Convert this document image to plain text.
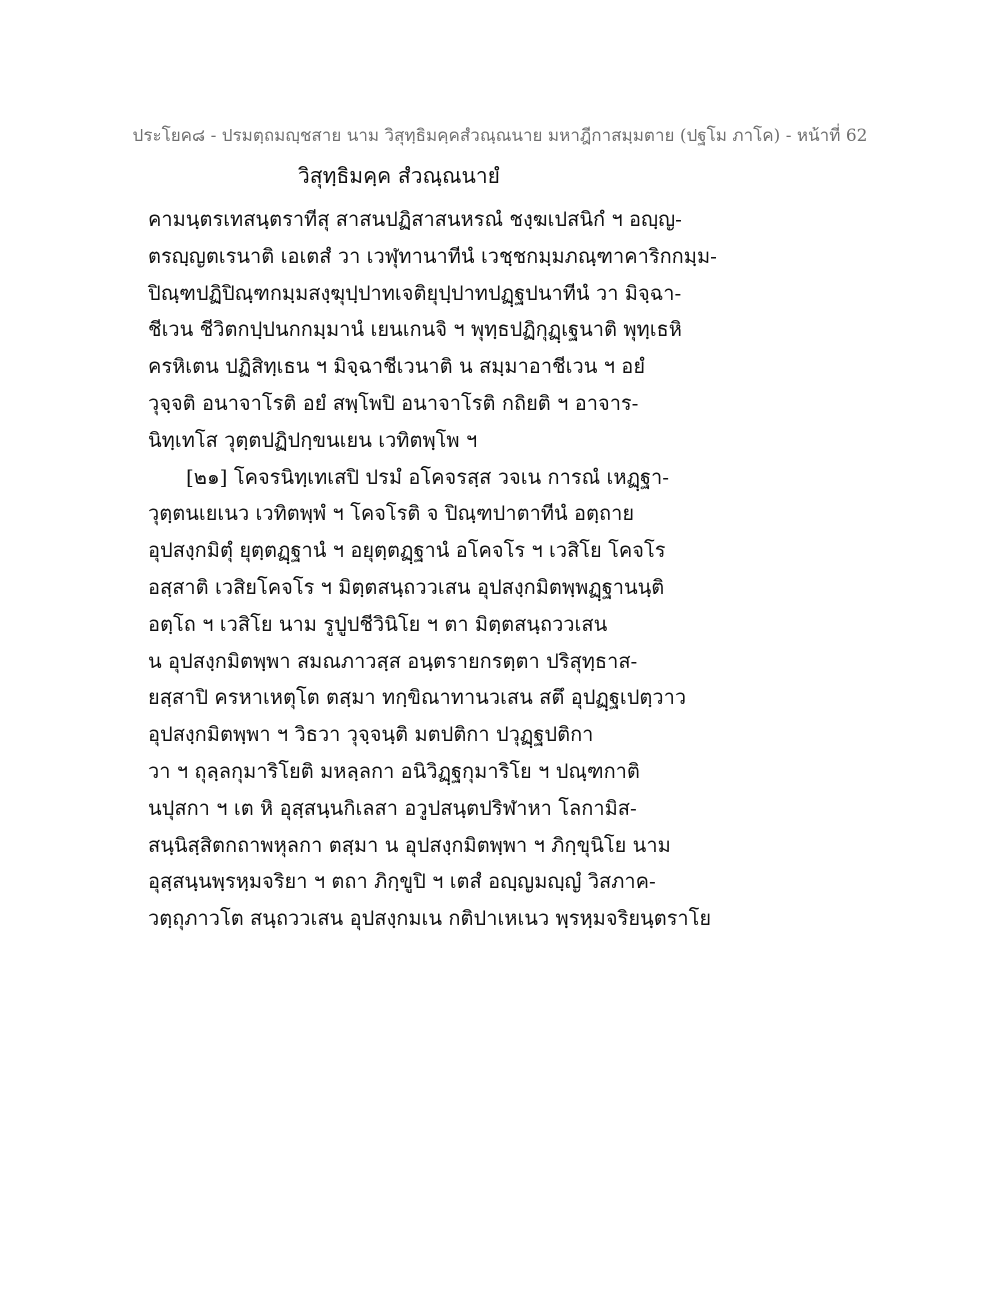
ประโยค๘ - ปรมตฺถมญฺชสาย นาม วิสุทฺธิมคฺคสํวณฺณนาย มหาฎีกาสมฺมตาย (ปฐโม ภาโค) - หน้าที่ 62
วิสุทฺธิมคฺค สํวณฺณนายํ
คามนฺตรเทสนฺตราทีสุ สาสนปฏิสาสนหรณํ ชงฺฆเปสนิกํ ฯ อญฺญ-
ตรญฺญตเรนาติ เอเตสํ วา เวฬุทานาทีนํ เวชฺชกมฺมภณฺฑาคาริกกมฺม-
ปิณฺฑปฏิปิณฺฑกมฺมสงฺฆุปฺปาทเจติยุปฺปาทปฏฺฐปนาทีนํ วา มิจฺฉา-
ชีเวน ชีวิตกปฺปนกกมฺมานํ เยนเกนจิ ฯ พุทฺธปฏิกุฏฺเฐนาติ พุทฺเธหิ
ครหิเตน ปฏิสิทฺเธน ฯ มิจฺฉาชีเวนาติ น สมฺมาอาชีเวน ฯ อยํ
วุจฺจติ อนาจาโรติ อยํ สพฺโพปิ อนาจาโรติ กถิยติ ฯ อาจาร-
นิทฺเทโส วุตฺตปฏิปกฺขนเยน เวทิตพฺโพ ฯ
[๒๑] โคจรนิทฺเทเสปิ ปรมํ อโคจรสฺส วจเน การณํ เหฏฺฐา-
วุตฺตนเยเนว เวทิตพฺพํ ฯ โคจโรติ จ ปิณฺฑปาตาทีนํ อตฺถาย
อุปสงฺกมิตุํ ยุตฺตฏฺฐานํ ฯ อยุตฺตฏฺฐานํ อโคจโร ฯ เวสิโย โคจโร
อสฺสาติ เวสิยโคจโร ฯ มิตฺตสนฺถววเสน อุปสงฺกมิตพฺพฏฺฐานนฺติ
อตฺโถ ฯ เวสิโย นาม รูปูปชีวินิโย ฯ ตา มิตฺตสนฺถววเสน
น อุปสงฺกมิตพฺพา สมณภาวสฺส อนฺตรายกรตฺตา ปริสุทฺธาส-
ยสฺสาปิ ครหาเหตุโต ตสฺมา ทกฺขิณาทานวเสน สตึ อุปฏฺฐเปตฺวาว
อุปสงฺกมิตพฺพา ฯ วิธวา วุจฺจนฺติ มตปติกา ปวุฏฺฐปติกา
วา ฯ ถุลฺลกุมาริโยติ มหลฺลกา อนิวิฏฺฐกุมาริโย ฯ ปณฺฑกาติ
นปุสกา ฯ เต หิ อุสฺสนฺนกิเลสา อวูปสนฺตปริฬาหา โลกามิส-
สนฺนิสฺสิตกถาพหุลกา ตสฺมา น อุปสงฺกมิตพฺพา ฯ ภิกฺขุนิโย นาม
อุสฺสนฺนพฺรหฺมจริยา ฯ ตถา ภิกฺขูปิ ฯ เตสํ อญฺญมญฺญํ วิสภาค-
วตฺถุภาวโต สนฺถววเสน อุปสงฺกมเน กติปาเหเนว พฺรหฺมจริยนฺตราโย
